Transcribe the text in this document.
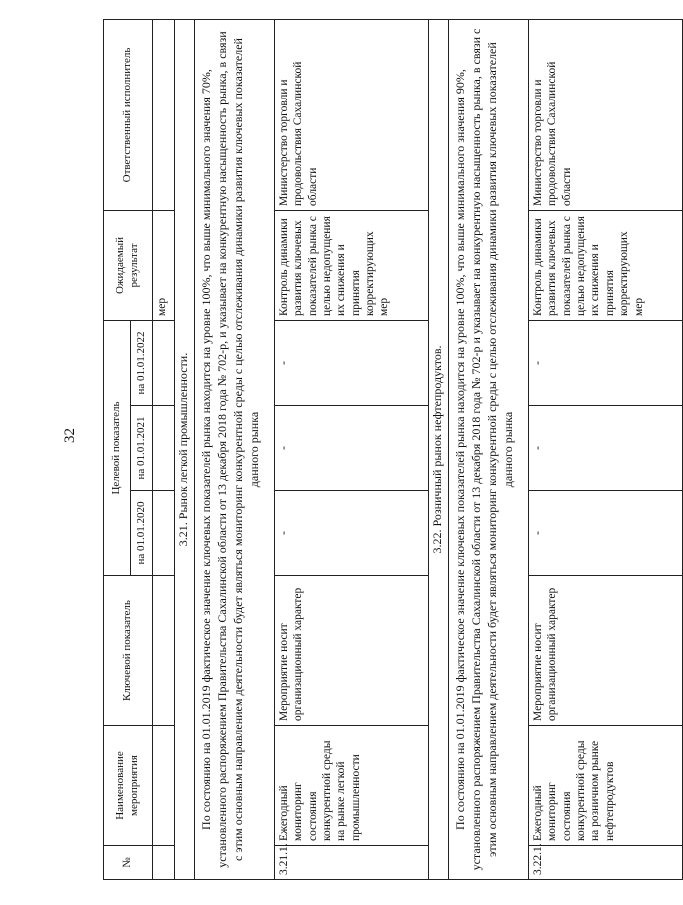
32
№	Наименование мероприятия	Ключевой показатель	Целевой показатель			Ожидаемый результат	Ответственный исполнитель
			на 01.01.2020	на 01.01.2021	на 01.01.2022		
						мер	
3.21. Рынок легкой промышленности.							
По состоянию на 01.01.2019 фактическое значение ключевых показателей рынка находится на уровне 100%, что выше минимального значения 70%, установленного распоряжением Правительства Сахалинской области от 13 декабря 2018 года № 702-р, и указывает на конкурентную насыщенность рынка, в связи с этим основным направлением деятельности будет являться мониторинг конкурентной среды с целью отслеживания динамики развития ключевых показателей данного рынка							
3.21.1.	Ежегодный мониторинг состояния конкурентной среды на рынке легкой промышленности	Мероприятие носит организационный характер	-	-	-	Контроль динамики развития ключевых показателей рынка с целью недопущения их снижения и принятия корректирующих мер	Министерство торговли и продовольствия Сахалинской области
3.22. Розничный рынок нефтепродуктов.							
По состоянию на 01.01.2019 фактическое значение ключевых показателей рынка находится на уровне 100%, что выше минимального значения 90%, установленного распоряжением Правительства Сахалинской области от 13 декабря 2018 года № 702-р и указывает на конкурентную насыщенность рынка, в связи с этим основным направлением деятельности будет являться мониторинг конкурентной среды с целью отслеживания динамики развития ключевых показателей данного рынка							
3.22.1.	Ежегодный мониторинг состояния конкурентной среды на розничном рынке нефтепродуктов	Мероприятие носит организационный характер	-	-	-	Контроль динамики развития ключевых показателей рынка с целью недопущения их снижения и принятия корректирующих мер	Министерство торговли и продовольствия Сахалинской области
